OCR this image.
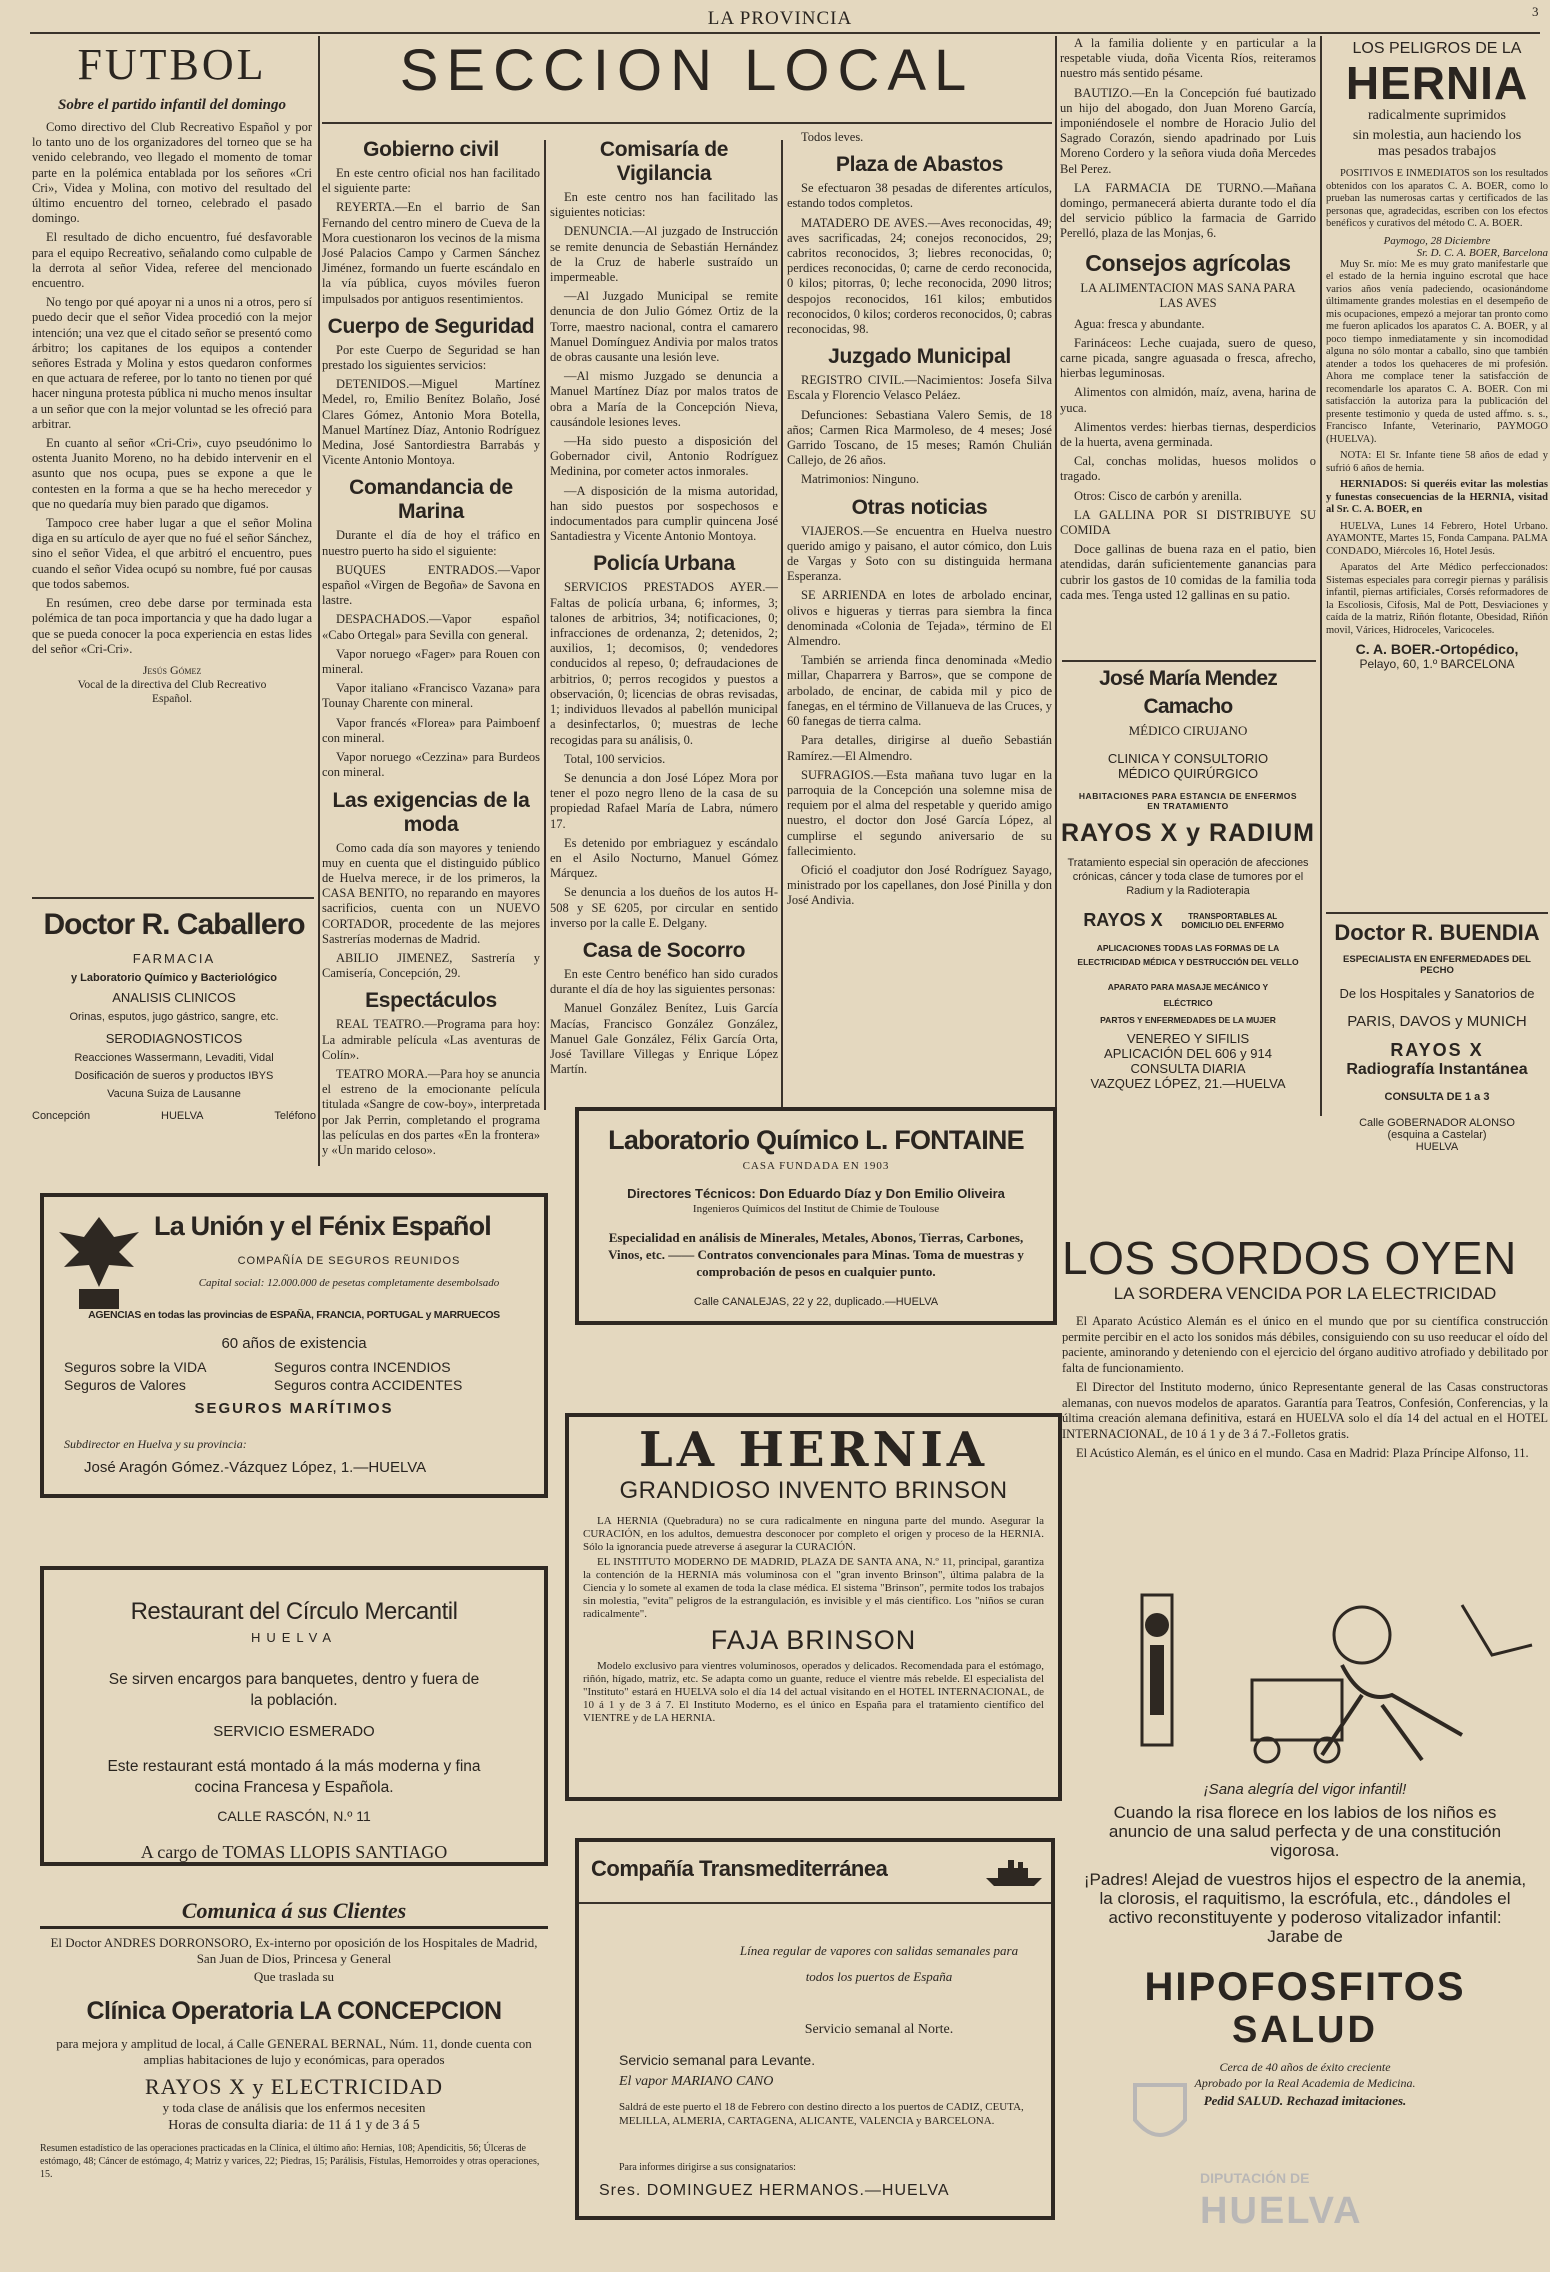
LA PROVINCIA	3
FUTBOL
Sobre el partido infantil del domingo

Como directivo del Club Recreativo Español y por lo tanto uno de los organizadores del torneo que se ha venido celebrando, veo llegado el momento de tomar parte en la polémica entablada por los señores «Cri Cri», Videa y Molina, con motivo del resultado del último encuentro del torneo, celebrado el pasado domingo.

El resultado de dicho encuentro, fué desfavorable para el equipo Recreativo, señalando como culpable de la derrota al señor Videa, referee del mencionado encuentro.

No tengo por qué apoyar ni a unos ni a otros, pero sí puedo decir que el señor Videa procedió con la mejor intención; una vez que el citado señor se presentó como árbitro; los capitanes de los equipos a contender señores Estrada y Molina y estos quedaron conformes en que actuara de referee, por lo tanto no tienen por qué hacer ninguna protesta pública ni mucho menos insultar a un señor que con la mejor voluntad se les ofreció para arbitrar.

En cuanto al señor «Cri-Cri», cuyo pseudónimo lo ostenta Juanito Moreno, no ha debido intervenir en el asunto que nos ocupa, pues se expone a que le contesten en la forma a que se ha hecho merecedor y que no quedaría muy bien parado que digamos.

Tampoco cree haber lugar a que el señor Molina diga en su artículo de ayer que no fué el señor Sánchez, sino el señor Videa, el que arbitró el encuentro, pues cuando el señor Videa ocupó su nombre, fué por causas que todos sabemos.

En resúmen, creo debe darse por terminada esta polémica de tan poca importancia y que ha dado lugar a que se pueda conocer la poca experiencia en estas lides del señor «Cri-Cri».

Jesús Gómez
Vocal de la directiva del Club Recreativo Español.
Doctor R. Caballero
FARMACIA
y Laboratorio Químico y Bacteriológico
ANALISIS CLINICOS
Orinas, esputos, jugo gástrico, sangre, etc.
SERODIAGNOSTICOS
Reacciones Wassermann, Levaditi, Vidal
Dosificación de sueros y productos IBYS
Vacuna Suiza de Lausanne
Concepción	HUELVA	Teléfono
SECCION LOCAL
Gobierno civil

En este centro oficial nos han facilitado el siguiente parte:

REYERTA.—En el barrio de San Fernando del centro minero de Cueva de la Mora cuestionaron los vecinos de la misma José Palacios Campo y Carmen Sánchez Jiménez, formando un fuerte escándalo en la vía pública, cuyos móviles fueron impulsados por antiguos resentimientos.

Cuerpo de Seguridad

Por este Cuerpo de Seguridad se han prestado los siguientes servicios:

DETENIDOS.—Miguel Martínez Medel, ro, Emilio Benítez Bolaño, José Clares Gómez, Antonio Mora Botella, Manuel Martínez Díaz, Antonio Rodríguez Medina, José Santordiestra Barrabás y Vicente Antonio Montoya.

Comandancia de Marina

Durante el día de hoy el tráfico en nuestro puerto ha sido el siguiente:

BUQUES ENTRADOS.—Vapor español «Virgen de Begoña» de Savona en lastre.

DESPACHADOS.—Vapor español «Cabo Ortegal» para Sevilla con general.

Vapor noruego «Fager» para Rouen con mineral.

Vapor italiano «Francisco Vazana» para Tounay Charente con mineral.

Vapor francés «Florea» para Paimboenf con mineral.

Vapor noruego «Cezzina» para Burdeos con mineral.

Las exigencias de la moda

Como cada día son mayores y teniendo muy en cuenta que el distinguido público de Huelva merece, ir de los primeros, la CASA BENITO, no reparando en mayores sacrificios, cuenta con un NUEVO CORTADOR, procedente de las mejores Sastrerías modernas de Madrid.

ABILIO JIMENEZ, Sastrería y Camisería, Concepción, 29.

Espectáculos

REAL TEATRO.—Programa para hoy: La admirable película «Las aventuras de Colín».

TEATRO MORA.—Para hoy se anuncia el estreno de la emocionante película titulada «Sangre de cow-boy», interpretada por Jak Perrin, completando el programa las películas en dos partes «En la frontera» y «Un marido celoso».

Comisaría de Vigilancia

En este centro nos han facilitado las siguientes noticias:

DENUNCIA.—Al juzgado de Instrucción se remite denuncia de Sebastián Hernández de la Cruz de haberle sustraído un impermeable.

—Al Juzgado Municipal se remite denuncia de don Julio Gómez Ortiz de la Torre, maestro nacional, contra el camarero Manuel Domínguez Andivia por malos tratos de obras causante una lesión leve.

—Al mismo Juzgado se denuncia a Manuel Martínez Díaz por malos tratos de obra a María de la Concepción Nieva, causándole lesiones leves.

—Ha sido puesto a disposición del Gobernador civil, Antonio Rodríguez Medinina, por cometer actos inmorales.

—A disposición de la misma autoridad, han sido puestos por sospechosos e indocumentados para cumplir quincena José Santadiestra y Vicente Antonio Montoya.

Policía Urbana

SERVICIOS PRESTADOS AYER.—Faltas de policía urbana, 6; informes, 3; talones de arbitrios, 34; notificaciones, 0; infracciones de ordenanza, 2; detenidos, 2; auxilios, 1; decomisos, 0; vendedores conducidos al repeso, 0; defraudaciones de arbitrios, 0; perros recogidos y puestos a observación, 0; licencias de obras revisadas, 1; individuos llevados al pabellón municipal a desinfectarlos, 0; muestras de leche recogidas para su análisis, 0.

Total, 100 servicios.

Se denuncia a don José López Mora por tener el pozo negro lleno de la casa de su propiedad Rafael María de Labra, número 17.

Es detenido por embriaguez y escándalo en el Asilo Nocturno, Manuel Gómez Márquez.

Se denuncia a los dueños de los autos H-508 y SE 6205, por circular en sentido inverso por la calle E. Delgany.

Casa de Socorro

En este Centro benéfico han sido curados durante el día de hoy las siguientes personas:

Manuel González Benítez, Luis García Macías, Francisco González González, Manuel Gale González, Félix García Orta, José Tavillare Villegas y Enrique López Martín.

Todos leves.

Plaza de Abastos

Se efectuaron 38 pesadas de diferentes artículos, estando todos completos.

MATADERO DE AVES.—Aves reconocidas, 49; aves sacrificadas, 24; conejos reconocidos, 29; cabritos reconocidos, 3; liebres reconocidas, 0; perdices reconocidas, 0; carne de cerdo reconocida, 0 kilos; pitorras, 0; leche reconocida, 2090 litros; despojos reconocidos, 161 kilos; embutidos reconocidos, 0 kilos; corderos reconocidos, 0; cabras reconocidas, 98.

Juzgado Municipal

REGISTRO CIVIL.—Nacimientos: Josefa Silva Escala y Florencio Velasco Peláez.

Defunciones: Sebastiana Valero Semis, de 18 años; Carmen Rica Marmoleso, de 4 meses; José Garrido Toscano, de 15 meses; Ramón Chulián Callejo, de 26 años.

Matrimonios: Ninguno.

Otras noticias

VIAJEROS.—Se encuentra en Huelva nuestro querido amigo y paisano, el autor cómico, don Luis de Vargas y Soto con su distinguida hermana Esperanza.

SE ARRIENDA en lotes de arbolado encinar, olivos e higueras y tierras para siembra la finca denominada «Colonia de Tejada», término de El Almendro.

También se arrienda finca denominada «Medio millar, Chaparrera y Barros», que se compone de arbolado, de encinar, de cabida mil y pico de fanegas, en el término de Villanueva de las Cruces, y 60 fanegas de tierra calma.

Para detalles, dirigirse al dueño Sebastián Ramírez.—El Almendro.

SUFRAGIOS.—Esta mañana tuvo lugar en la parroquia de la Concepción una solemne misa de requiem por el alma del respetable y querido amigo nuestro, el doctor don José García López, al cumplirse el segundo aniversario de su fallecimiento.

Ofició el coadjutor don José Rodríguez Sayago, ministrado por los capellanes, don José Pinilla y don José Andivia.

A la familia doliente y en particular a la respetable viuda, doña Vicenta Ríos, reiteramos nuestro más sentido pésame.

BAUTIZO.—En la Concepción fué bautizado un hijo del abogado, don Juan Moreno García, imponiéndosele el nombre de Horacio Julio del Sagrado Corazón, siendo apadrinado por Luis Moreno Cordero y la señora viuda doña Mercedes Bel Perez.

LA FARMACIA DE TURNO.—Mañana domingo, permanecerá abierta durante todo el día del servicio público la farmacia de Garrido Perelló, plaza de las Monjas, 6.

Consejos agrícolas
LA ALIMENTACION MAS SANA PARA LAS AVES

Agua: fresca y abundante.

Farináceos: Leche cuajada, suero de queso, carne picada, sangre aguasada o fresca, afrecho, hierbas leguminosas.

Alimentos con almidón, maíz, avena, harina de yuca.

Alimentos verdes: hierbas tiernas, desperdicios de la huerta, avena germinada.

Cal, conchas molidas, huesos molidos o tragado.

Otros: Cisco de carbón y arenilla.

LA GALLINA POR SI DISTRIBUYE SU COMIDA

Doce gallinas de buena raza en el patio, bien atendidas, darán suficientemente ganancias para cubrir los gastos de 10 comidas de la familia toda cada mes. Tenga usted 12 gallinas en su patio.

José María Mendez Camacho
MÉDICO CIRUJANO
CLINICA Y CONSULTORIO
MÉDICO QUIRÚRGICO
HABITACIONES PARA ESTANCIA DE ENFERMOS EN TRATAMIENTO
RAYOS X y RADIUM
Tratamiento especial sin operación de afecciones crónicas, cáncer y toda clase de tumores por el Radium y la Radioterapia
RAYOS X	TRANSPORTABLES AL DOMICILIO DEL ENFERMO
APLICACIONES TODAS LAS FORMAS DE LA ELECTRICIDAD MÉDICA Y DESTRUCCIÓN DEL VELLO
APARATO PARA MASAJE MECÁNICO Y ELÉCTRICO
PARTOS Y ENFERMEDADES DE LA MUJER
VENEREO Y SIFILIS
APLICACIÓN DEL 606 y 914
CONSULTA DIARIA
VAZQUEZ LÓPEZ, 21.—HUELVA
LOS PELIGROS DE LA
HERNIA
radicalmente suprimidos
sin molestia, aun haciendo los
mas pesados trabajos

POSITIVOS E INMEDIATOS son los resultados obtenidos con los aparatos C. A. BOER, como lo prueban las numerosas cartas y certificados de las personas que, agradecidas, escriben con los efectos benéficos y curativos del método C. A. BOER.

Paymogo, 28 Diciembre
Sr. D. C. A. BOER, Barcelona

Muy Sr. mío: Me es muy grato manifestarle que el estado de la hernia inguino escrotal que hace varios años venía padeciendo, ocasionándome últimamente grandes molestias en el desempeño de mis ocupaciones, empezó a mejorar tan pronto como me fueron aplicados los aparatos C. A. BOER, y al poco tiempo inmediatamente y sin incomodidad alguna no sólo montar a caballo, sino que también atender a todos los quehaceres de mi profesión. Ahora me complace tener la satisfacción de recomendarle los aparatos C. A. BOER. Con mi satisfacción la autoriza para la publicación del presente testimonio y queda de usted affmo. s. s., Francisco Infante, Veterinario, PAYMOGO (HUELVA).

NOTA: El Sr. Infante tiene 58 años de edad y sufrió 6 años de hernia.

HERNIADOS: Si queréis evitar las molestias y funestas consecuencias de la HERNIA, visitad al Sr. C. A. BOER, en

HUELVA, Lunes 14 Febrero, Hotel Urbano. AYAMONTE, Martes 15, Fonda Campana. PALMA CONDADO, Miércoles 16, Hotel Jesús.

Aparatos del Arte Médico perfeccionados: Sistemas especiales para corregir piernas y parálisis infantil, piernas artificiales, Corsés reformadores de la Escoliosis, Cifosis, Mal de Pott, Desviaciones y caída de la matriz, Riñón flotante, Obesidad, Riñón movil, Várices, Hidroceles, Varicoceles.

C. A. BOER.-Ortopédico,
Pelayo, 60, 1.º BARCELONA
Doctor R. BUENDIA
ESPECIALISTA EN ENFERMEDADES DEL PECHO
De los Hospitales y Sanatorios de
PARIS, DAVOS y MUNICH
RAYOS X
Radiografía Instantánea
CONSULTA DE 1 a 3
Calle GOBERNADOR ALONSO
(esquina a Castelar)
HUELVA
La Unión y el Fénix Español
COMPAÑÍA DE SEGUROS REUNIDOS
Capital social: 12.000.000 de pesetas completamente desembolsado
AGENCIAS en todas las provincias de ESPAÑA, FRANCIA, PORTUGAL y MARRUECOS
60 años de existencia
Seguros sobre la VIDA	Seguros contra INCENDIOS
Seguros de Valores	Seguros contra ACCIDENTES
SEGUROS MARÍTIMOS
Subdirector en Huelva y su provincia:
José Aragón Gómez.-Vázquez López, 1.—HUELVA
Restaurant del Círculo Mercantil
HUELVA
Se sirven encargos para banquetes, dentro y fuera de la población.
SERVICIO ESMERADO
Este restaurant está montado á la más moderna y fina cocina Francesa y Española.
CALLE RASCÓN, N.º 11
A cargo de TOMAS LLOPIS SANTIAGO
Comunica á sus Clientes
El Doctor ANDRES DORRONSORO, Ex-interno por oposición de los Hospitales de Madrid, San Juan de Dios, Princesa y General
Que traslada su
Clínica Operatoria LA CONCEPCION
para mejora y amplitud de local, á Calle GENERAL BERNAL, Núm. 11, donde cuenta con amplias habitaciones de lujo y económicas, para operados
RAYOS X y ELECTRICIDAD
y toda clase de análisis que los enfermos necesiten
Horas de consulta diaria: de 11 á 1 y de 3 á 5
Resumen estadístico de las operaciones practicadas en la Clínica, el último año: Hernias, 108; Apendicitis, 56; Úlceras de estómago, 48; Cáncer de estómago, 4; Matriz y varices, 22; Piedras, 15; Parálisis, Fístulas, Hemorroides y otras operaciones, 15.
Laboratorio Químico L. FONTAINE
CASA FUNDADA EN 1903
Directores Técnicos: Don Eduardo Díaz y Don Emilio Oliveira
Ingenieros Químicos del Institut de Chimie de Toulouse
Especialidad en análisis de Minerales, Metales, Abonos, Tierras, Carbones, Vinos, etc. —— Contratos convencionales para Minas. Toma de muestras y comprobación de pesos en cualquier punto.
Calle CANALEJAS, 22 y 22, duplicado.—HUELVA
LA HERNIA
GRANDIOSO INVENTO BRINSON

LA HERNIA (Quebradura) no se cura radicalmente en ninguna parte del mundo. Asegurar la CURACIÓN, en los adultos, demuestra desconocer por completo el origen y proceso de la HERNIA. Sólo la ignorancia puede atreverse á asegurar la CURACIÓN.

EL INSTITUTO MODERNO DE MADRID, PLAZA DE SANTA ANA, N.º 11, principal, garantiza la contención de la HERNIA más voluminosa con el "gran invento Brinson", última palabra de la Ciencia y lo somete al examen de toda la clase médica. El sistema "Brinson", permite todos los trabajos sin molestia, "evita" peligros de la estrangulación, es invisible y el más científico. Los "niños se curan radicalmente".

FAJA BRINSON

Modelo exclusivo para vientres voluminosos, operados y delicados. Recomendada para el estómago, riñón, hígado, matriz, etc. Se adapta como un guante, reduce el vientre más rebelde. El especialista del "Instituto" estará en HUELVA solo el día 14 del actual visitando en el HOTEL INTERNACIONAL, de 10 á 1 y de 3 á 7. El Instituto Moderno, es el único en España para el tratamiento científico del VIENTRE y de LA HERNIA.

Compañía Transmediterránea
Línea regular de vapores con salidas semanales para todos los puertos de España
Servicio semanal al Norte.
Servicio semanal para Levante.
El vapor MARIANO CANO
Saldrá de este puerto el 18 de Febrero con destino directo a los puertos de CADIZ, CEUTA, MELILLA, ALMERIA, CARTAGENA, ALICANTE, VALENCIA y BARCELONA.
Para informes dirigirse a sus consignatarios:
Sres. DOMINGUEZ HERMANOS.—HUELVA
LOS SORDOS OYEN
LA SORDERA VENCIDA POR LA ELECTRICIDAD

El Aparato Acústico Alemán es el único en el mundo que por su científica construcción permite percibir en el acto los sonidos más débiles, consiguiendo con su uso reeducar el oído del paciente, aminorando y deteniendo con el ejercicio del órgano auditivo atrofiado y debilitado por falta de funcionamiento.

El Director del Instituto moderno, único Representante general de las Casas constructoras alemanas, con nuevos modelos de aparatos. Garantía para Teatros, Confesión, Conferencias, y la última creación alemana definitiva, estará en HUELVA solo el día 14 del actual en el HOTEL INTERNACIONAL, de 10 á 1 y de 3 á 7.-Folletos gratis.

El Acústico Alemán, es el único en el mundo. Casa en Madrid: Plaza Príncipe Alfonso, 11.

¡Sana alegría del vigor infantil!
Cuando la risa florece en los labios de los niños es anuncio de una salud perfecta y de una constitución vigorosa.
¡Padres! Alejad de vuestros hijos el espectro de la anemia, la clorosis, el raquitismo, la escrófula, etc., dándoles el activo reconstituyente y poderoso vitalizador infantil: Jarabe de
HIPOFOSFITOS
SALUD
Cerca de 40 años de éxito creciente
Aprobado por la Real Academia de Medicina.
Pedid SALUD. Rechazad imitaciones.
DIPUTACIÓN DE
HUELVA
